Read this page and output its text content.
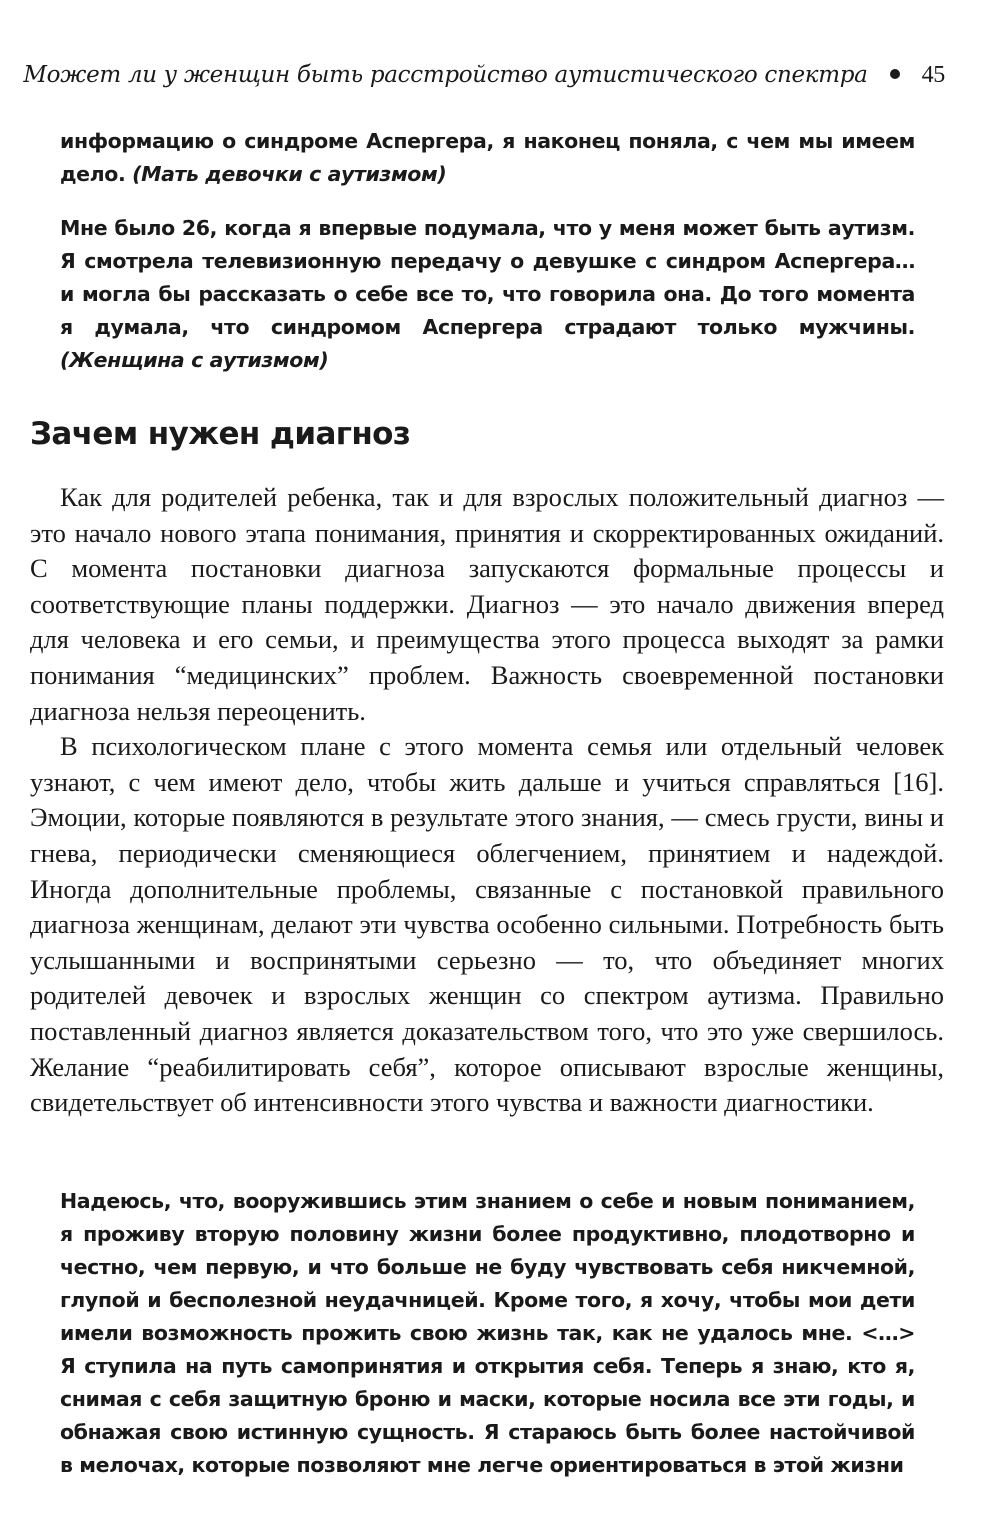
Может ли у женщин быть расстройство аутистического спектра 45

информацию о синдроме Аспергера, я наконец поняла, с чем мы имеем дело. (Мать девочки с аутизмом)

Мне было 26, когда я впервые подумала, что у меня может быть аутизм. Я смотрела телевизионную передачу о девушке с синдром Аспергера… и могла бы рассказать о себе все то, что говорила она. До того момента я думала, что синдромом Аспергера страдают только мужчины. (Женщина с аутизмом)

Зачем нужен диагноз

Как для родителей ребенка, так и для взрослых положительный диагноз — это начало нового этапа понимания, принятия и скорректированных ожиданий. С момента постановки диагноза запускаются формальные процессы и соответствующие планы поддержки. Диагноз — это начало движения вперед для человека и его семьи, и преимущества этого процесса выходят за рамки понимания “медицинских” проблем. Важность своевременной постановки диагноза нельзя переоценить.

В психологическом плане с этого момента семья или отдельный человек узнают, с чем имеют дело, чтобы жить дальше и учиться справляться [16]. Эмоции, которые появляются в результате этого знания, — смесь грусти, вины и гнева, периодически сменяющиеся облегчением, принятием и надеждой. Иногда дополнительные проблемы, связанные с постановкой правильного диагноза женщинам, делают эти чувства особенно сильными. Потребность быть услышанными и воспринятыми серьезно — то, что объединяет многих родителей девочек и взрослых женщин со спектром аутизма. Правильно поставленный диагноз является доказательством того, что это уже свершилось. Желание “реабилитировать себя”, которое описывают взрослые женщины, свидетельствует об интенсивности этого чувства и важности диагностики.

Надеюсь, что, вооружившись этим знанием о себе и новым пониманием, я проживу вторую половину жизни более продуктивно, плодотворно и честно, чем первую, и что больше не буду чувствовать себя никчемной, глупой и бесполезной неудачницей. Кроме того, я хочу, чтобы мои дети имели возможность прожить свою жизнь так, как не удалось мне. <…> Я ступила на путь самопринятия и открытия себя. Теперь я знаю, кто я, снимая с себя защитную броню и маски, которые носила все эти годы, и обнажая свою истинную сущность. Я стараюсь быть более настойчивой в мелочах, которые позволяют мне легче ориентироваться в этой жизни
